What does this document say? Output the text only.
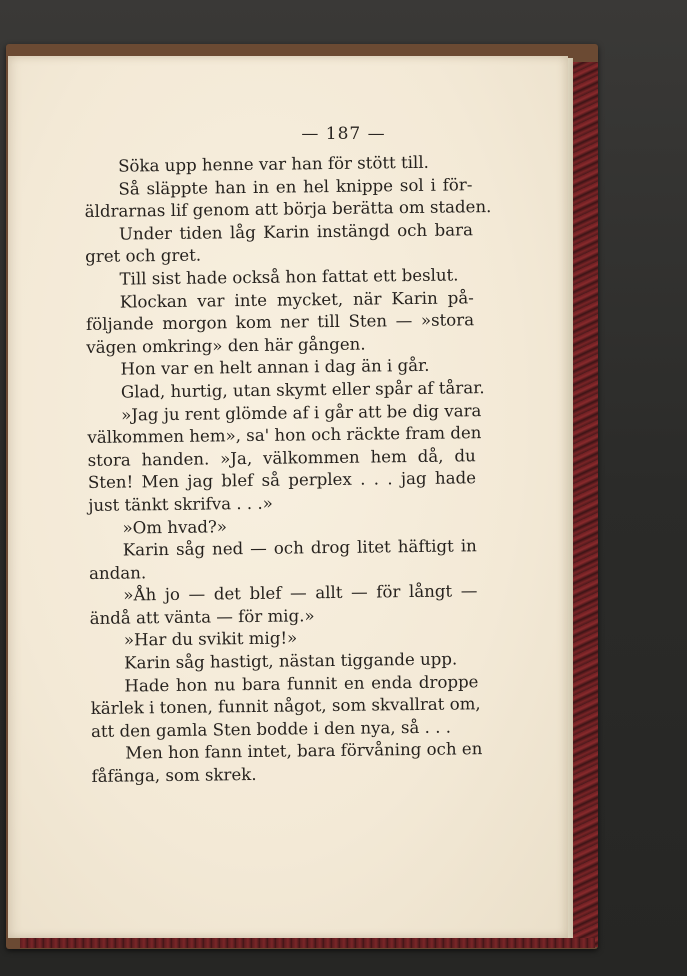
— 187 —
Söka upp henne var han för stött till.
Så släppte han in en hel knippe sol i för-
äldrarnas lif genom att börja berätta om staden.
Under tiden låg Karin instängd och bara
gret och gret.
Till sist hade också hon fattat ett beslut.
Klockan var inte mycket, när Karin på-
följande morgon kom ner till Sten — »stora
vägen omkring» den här gången.
Hon var en helt annan i dag än i går.
Glad, hurtig, utan skymt eller spår af tårar.
»Jag ju rent glömde af i går att be dig vara
välkommen hem», sa' hon och räckte fram den
stora handen. »Ja, välkommen hem då, du
Sten! Men jag blef så perplex . . . jag hade
just tänkt skrifva . . .»
»Om hvad?»
Karin såg ned — och drog litet häftigt in
andan.
»Åh jo — det blef — allt — för långt —
ändå att vänta — för mig.»
»Har du svikit mig!»
Karin såg hastigt, nästan tiggande upp.
Hade hon nu bara funnit en enda droppe
kärlek i tonen, funnit något, som skvallrat om,
att den gamla Sten bodde i den nya, så . . .
Men hon fann intet, bara förvåning och en
fåfänga, som skrek.
